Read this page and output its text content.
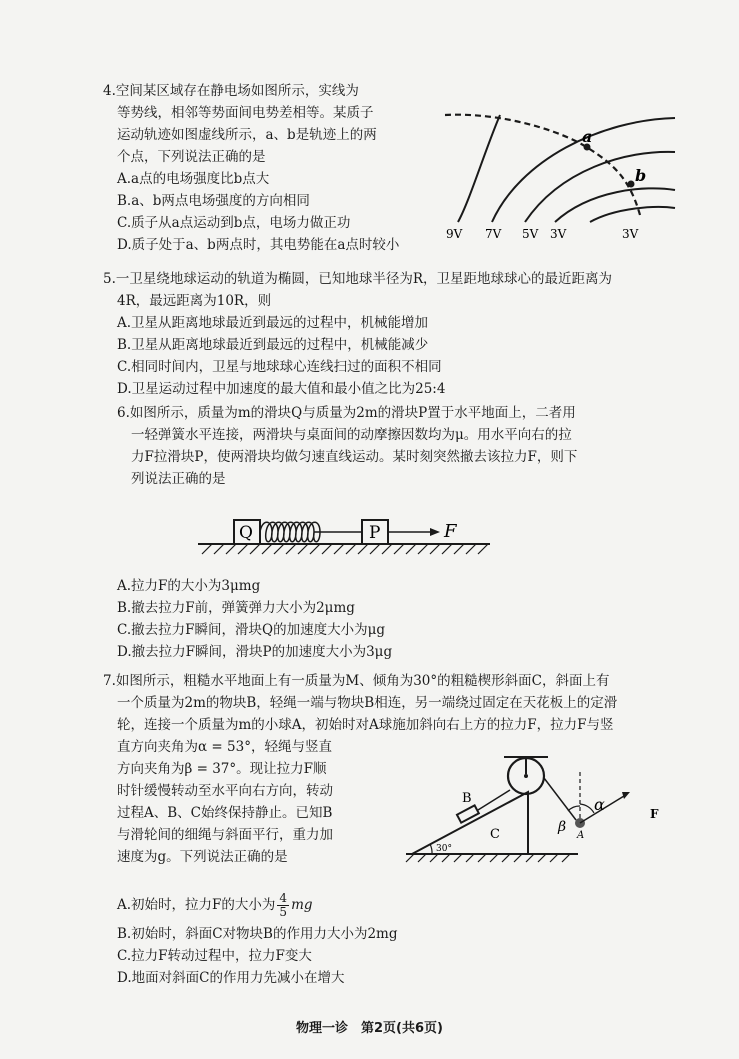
4.空间某区域存在静电场如图所示，实线为
等势线，相邻等势面间电势差相等。某质子
运动轨迹如图虚线所示，a、b是轨迹上的两
个点，下列说法正确的是
A.a点的电场强度比b点大
B.a、b两点电场强度的方向相同
C.质子从a点运动到b点，电场力做正功
D.质子处于a、b两点时，其电势能在a点时较小
a
b
9V 7V 5V 3V	3V
5.一卫星绕地球运动的轨道为椭圆，已知地球半径为R，卫星距地球球心的最近距离为
4R，最远距离为10R，则
A.卫星从距离地球最近到最远的过程中，机械能增加
B.卫星从距离地球最近到最远的过程中，机械能减少
C.相同时间内，卫星与地球球心连线扫过的面积不相同
D.卫星运动过程中加速度的最大值和最小值之比为25:4
6.如图所示，质量为m的滑块Q与质量为2m的滑块P置于水平地面上，二者用
一轻弹簧水平连接，两滑块与桌面间的动摩擦因数均为μ。用水平向右的拉
力F拉滑块P，使两滑块均做匀速直线运动。某时刻突然撤去该拉力F，则下
列说法正确的是
Q	P	F
A.拉力F的大小为3μmg
B.撤去拉力F前，弹簧弹力大小为2μmg
C.撤去拉力F瞬间，滑块Q的加速度大小为μg
D.撤去拉力F瞬间，滑块P的加速度大小为3μg
7.如图所示，粗糙水平地面上有一质量为M、倾角为30°的粗糙楔形斜面C，斜面上有
一个质量为2m的物块B，轻绳一端与物块B相连，另一端绕过固定在天花板上的定滑
轮，连接一个质量为m的小球A，初始时对A球施加斜向右上方的拉力F，拉力F与竖
直方向夹角为α = 53°，轻绳与竖直
方向夹角为β = 37°。现让拉力F顺
时针缓慢转动至水平向右方向，转动
过程A、B、C始终保持静止。已知B
与滑轮间的细绳与斜面平行，重力加
速度为g。下列说法正确的是
A.初始时，拉力F的大小为 $\frac{4}{5}$ mg
B.初始时，斜面C对物块B的作用力大小为2mg
C.拉力F转动过程中，拉力F变大
D.地面对斜面C的作用力先减小在增大
30°
C
B
A
F
α
β
物理一诊　第2页(共6页)
